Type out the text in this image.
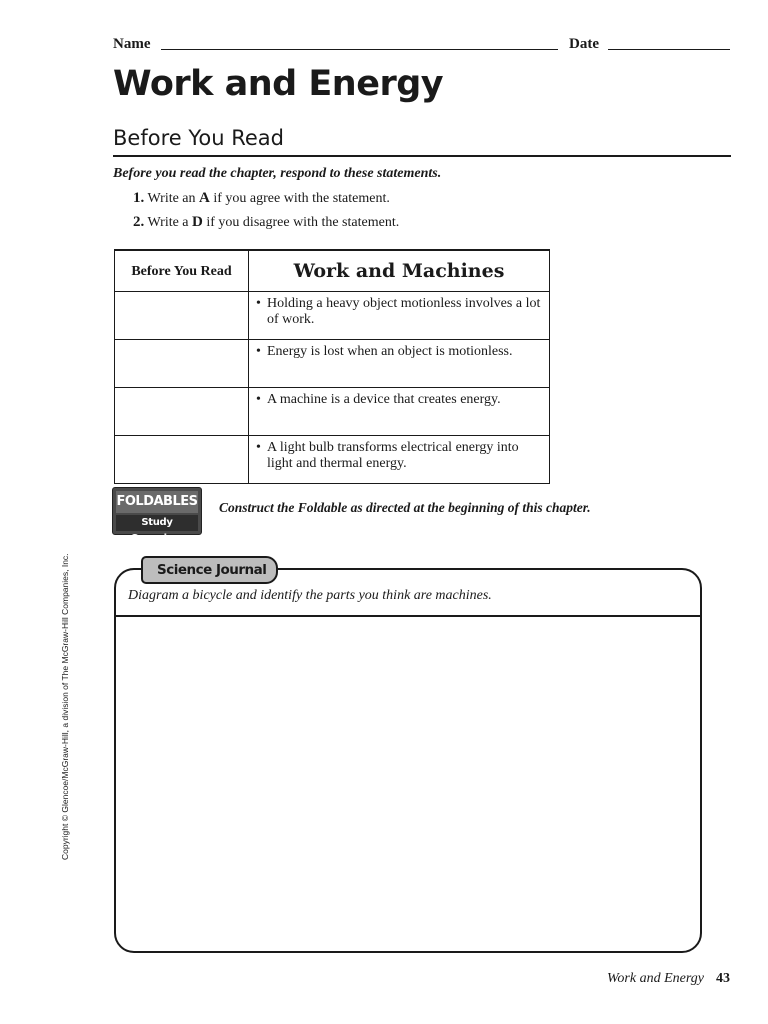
Name	Date
Work and Energy
Before You Read
Before you read the chapter, respond to these statements.
1. Write an A if you agree with the statement.
2. Write a D if you disagree with the statement.
Before You Read	Work and Machines
	• Holding a heavy object motionless involves a lot of work.
	• Energy is lost when an object is motionless.
	• A machine is a device that creates energy.
	• A light bulb transforms electrical energy into light and thermal energy.
FOLDABLES
Study Organizer
Construct the Foldable as directed at the beginning of this chapter.
Diagram a bicycle and identify the parts you think are machines.
Science Journal
Copyright © Glencoe/McGraw-Hill, a division of The McGraw-Hill Companies, Inc.
Work and Energy 43
